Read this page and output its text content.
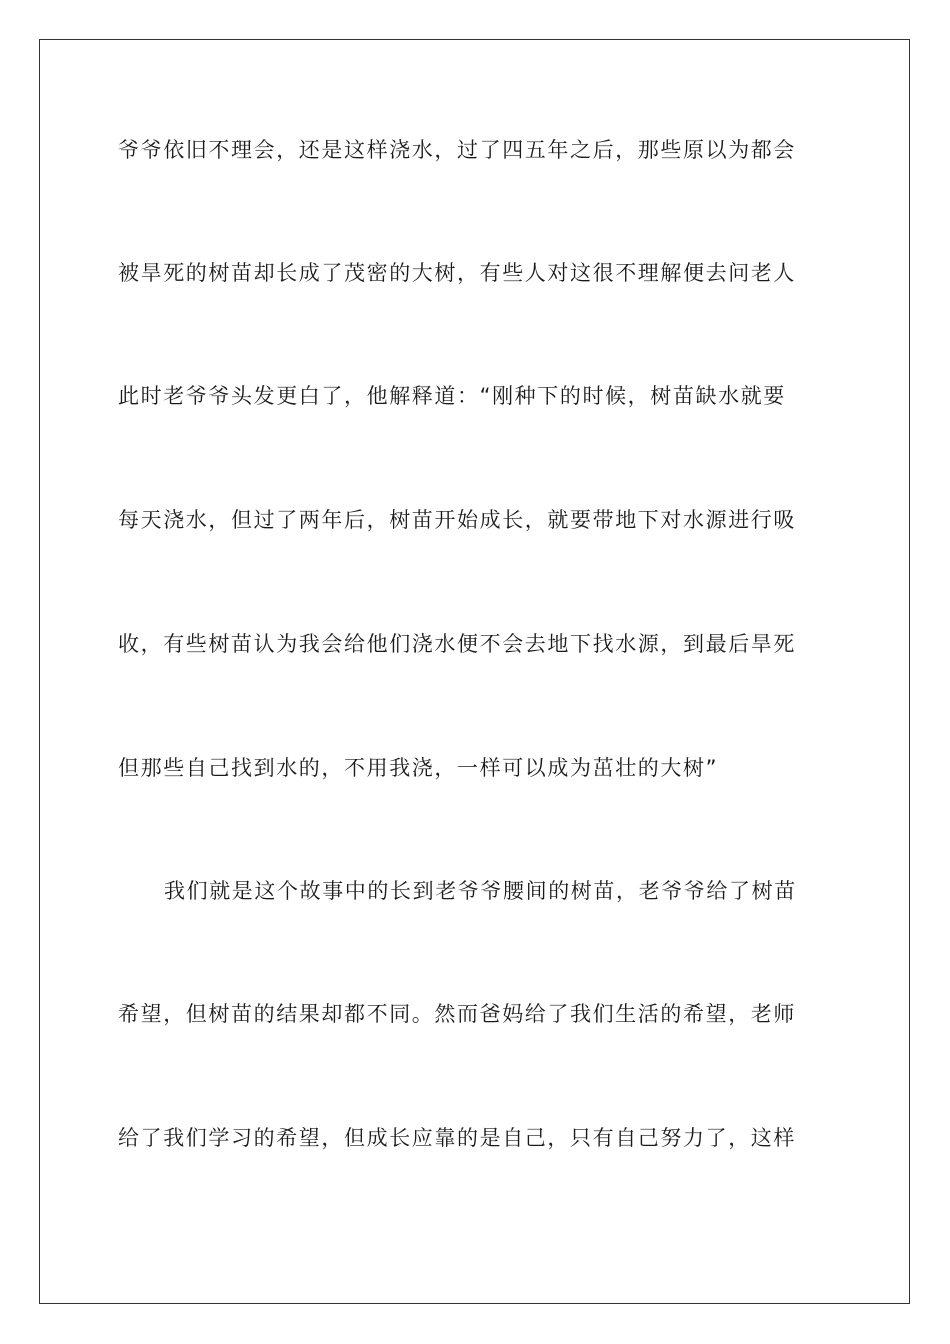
爷爷依旧不理会，还是这样浇水，过了四五年之后，那些原以为都会
被旱死的树苗却长成了茂密的大树，有些人对这很不理解便去问老人
此时老爷爷头发更白了，他解释道：“刚种下的时候，树苗缺水就要
每天浇水，但过了两年后，树苗开始成长，就要带地下对水源进行吸
收，有些树苗认为我会给他们浇水便不会去地下找水源，到最后旱死
但那些自己找到水的，不用我浇，一样可以成为茁壮的大树”
我们就是这个故事中的长到老爷爷腰间的树苗，老爷爷给了树苗
希望，但树苗的结果却都不同。然而爸妈给了我们生活的希望，老师
给了我们学习的希望，但成长应靠的是自己，只有自己努力了，这样
